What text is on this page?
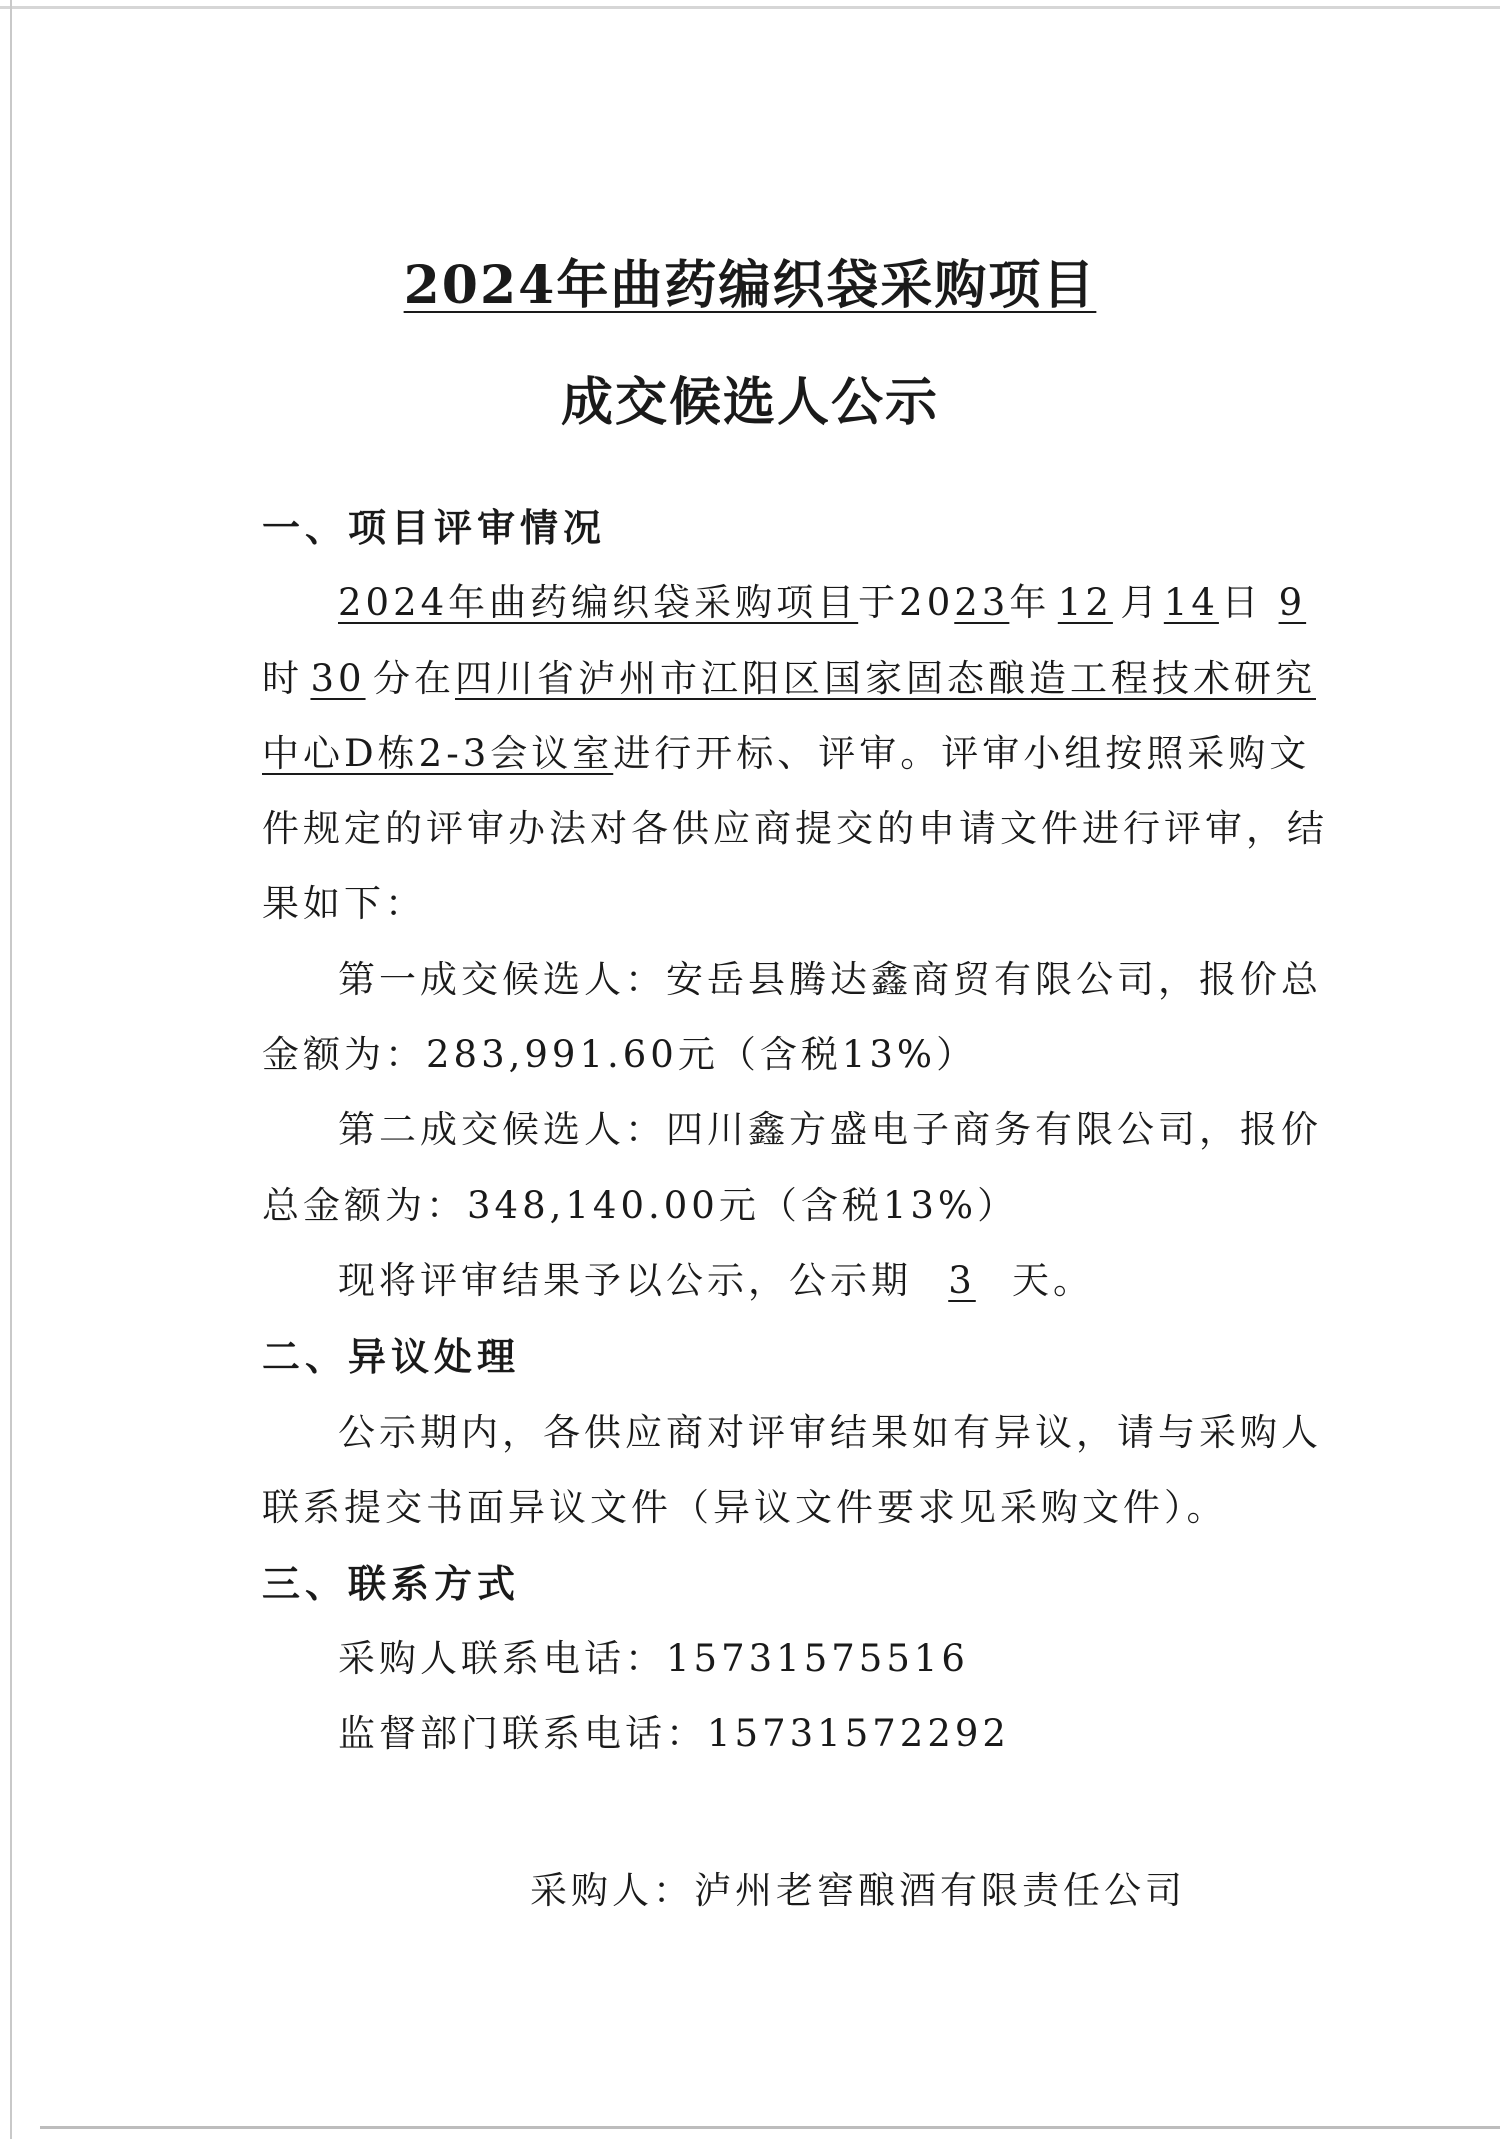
2024年曲药编织袋采购项目
成交候选人公示
一、项目评审情况
2024年曲药编织袋采购项目于2023年 12 月14日 9
时 30 分在四川省泸州市江阳区国家固态酿造工程技术研究
中心D栋2-3会议室进行开标、评审。评审小组按照采购文
件规定的评审办法对各供应商提交的申请文件进行评审，结
果如下：
第一成交候选人：安岳县腾达鑫商贸有限公司，报价总
金额为：283,991.60元（含税13%）
第二成交候选人：四川鑫方盛电子商务有限公司，报价
总金额为：348,140.00元（含税13%）
现将评审结果予以公示，公示期 3 天。
二、异议处理
公示期内，各供应商对评审结果如有异议，请与采购人
联系提交书面异议文件（异议文件要求见采购文件）。
三、联系方式
采购人联系电话：15731575516
监督部门联系电话：15731572292
采购人：泸州老窖酿酒有限责任公司
